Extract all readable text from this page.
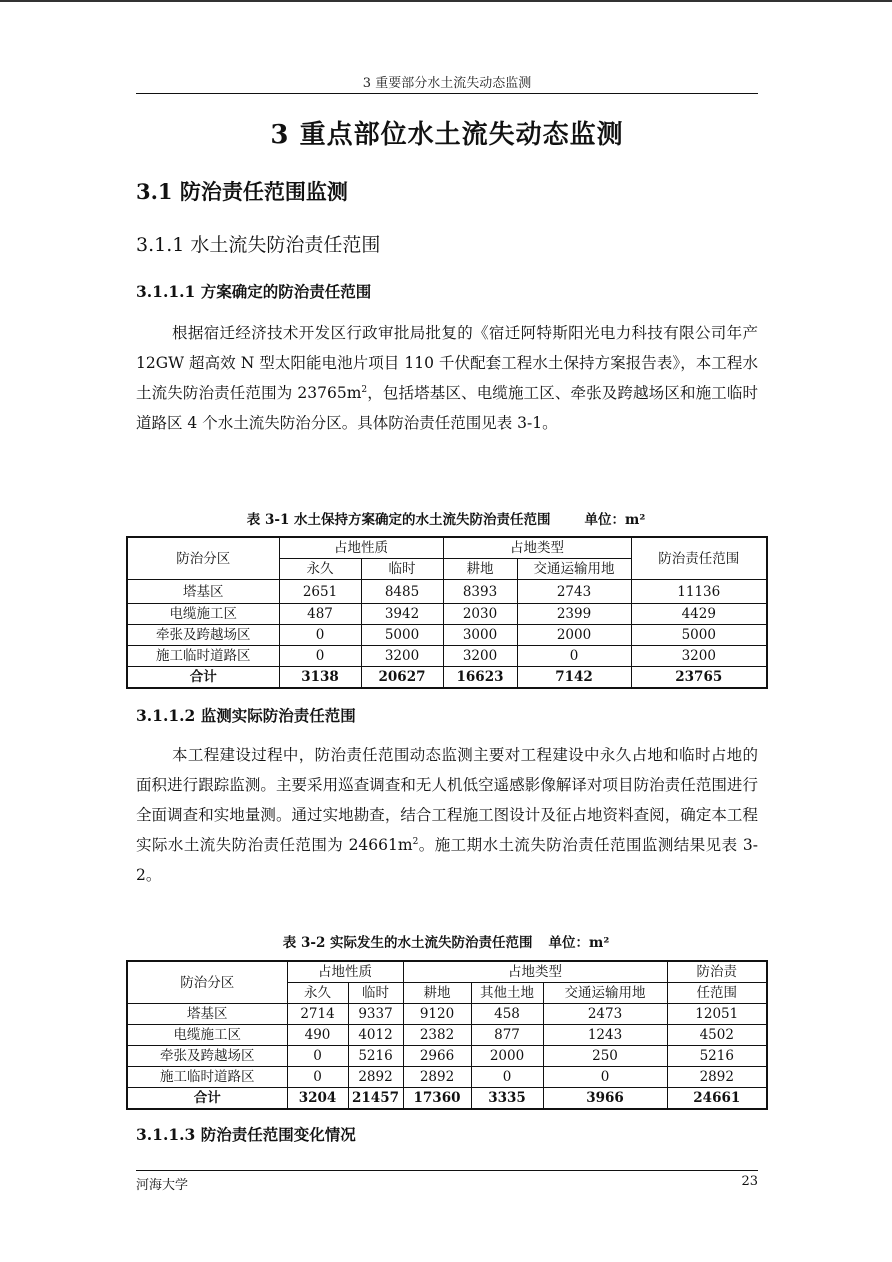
3 重要部分水土流失动态监测
3 重点部位水土流失动态监测
3.1 防治责任范围监测
3.1.1 水土流失防治责任范围
3.1.1.1 方案确定的防治责任范围

根据宿迁经济技术开发区行政审批局批复的《宿迁阿特斯阳光电力科技有限公司年产 12GW 超高效 N 型太阳能电池片项目 110 千伏配套工程水土保持方案报告表》，本工程水土流失防治责任范围为 $23765m^2$，包括塔基区、电缆施工区、牵张及跨越场区和施工临时道路区 4 个水土流失防治分区。具体防治责任范围见表 3-1。

表 3-1 水土保持方案确定的水土流失防治责任范围	单位：m²
防治分区	占地性质		占地类型		防治责任范围
	永久	临时	耕地	交通运输用地	
塔基区	2651	8485	8393	2743	11136
电缆施工区	487	3942	2030	2399	4429
牵张及跨越场区	0	5000	3000	2000	5000
施工临时道路区	0	3200	3200	0	3200
合计	3138	20627	16623	7142	23765
3.1.1.2 监测实际防治责任范围

本工程建设过程中，防治责任范围动态监测主要对工程建设中永久占地和临时占地的面积进行跟踪监测。主要采用巡查调查和无人机低空遥感影像解译对项目防治责任范围进行全面调查和实地量测。通过实地勘查，结合工程施工图设计及征占地资料查阅，确定本工程实际水土流失防治责任范围为 $24661m^2$。施工期水土流失防治责任范围监测结果见表 3-2。

表 3-2 实际发生的水土流失防治责任范围 单位：m²
防治分区	占地性质		占地类型			防治责
	永久	临时	耕地	其他土地	交通运输用地	任范围
塔基区	2714	9337	9120	458	2473	12051
电缆施工区	490	4012	2382	877	1243	4502
牵张及跨越场区	0	5216	2966	2000	250	5216
施工临时道路区	0	2892	2892	0	0	2892
合计	3204	21457	17360	3335	3966	24661
3.1.1.3 防治责任范围变化情况
河海大学	23
